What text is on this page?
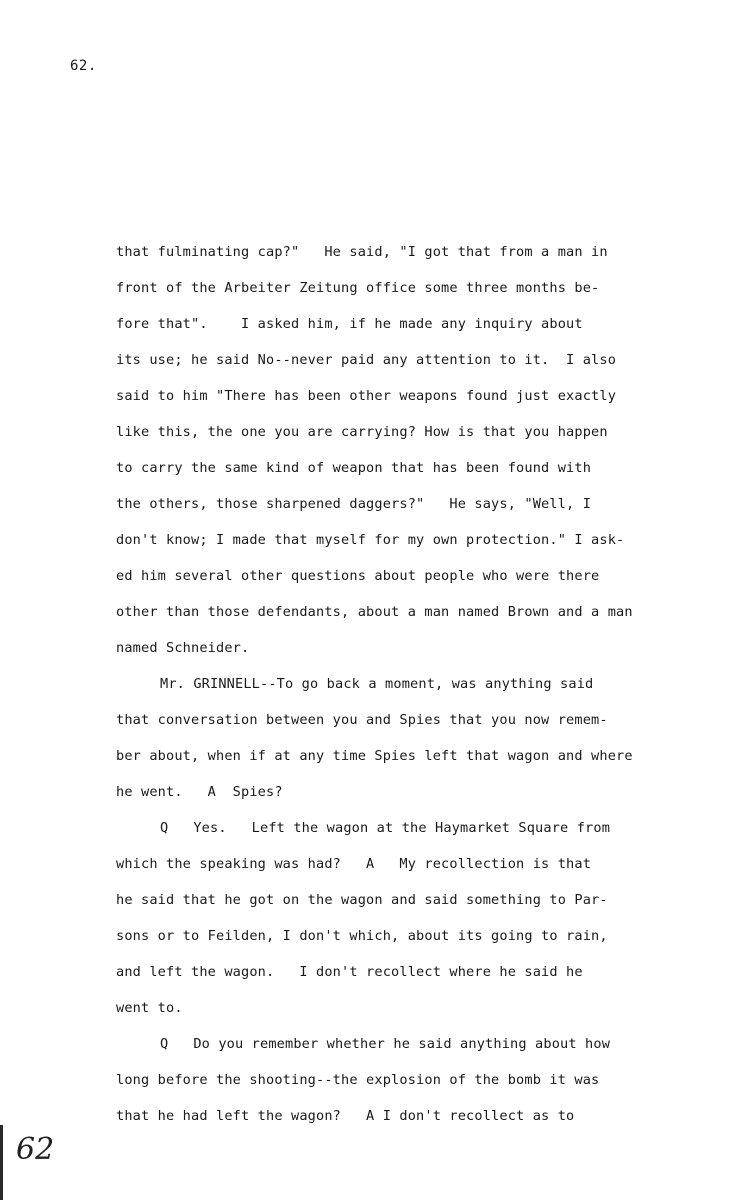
62.
that fulminating cap?"   He said, "I got that from a man in
front of the Arbeiter Zeitung office some three months be-
fore that".    I asked him, if he made any inquiry about
its use; he said No--never paid any attention to it.  I also
said to him "There has been other weapons found just exactly
like this, the one you are carrying? How is that you happen
to carry the same kind of weapon that has been found with
the others, those sharpened daggers?"   He says, "Well, I
don't know; I made that myself for my own protection." I ask-
ed him several other questions about people who were there
other than those defendants, about a man named Brown and a man
named Schneider.
Mr. GRINNELL--To go back a moment, was anything said
that conversation between you and Spies that you now remem-
ber about, when if at any time Spies left that wagon and where
he went.   A  Spies?
Q   Yes.   Left the wagon at the Haymarket Square from
which the speaking was had?   A   My recollection is that
he said that he got on the wagon and said something to Par-
sons or to Feilden, I don't which, about its going to rain,
and left the wagon.   I don't recollect where he said he
went to.
Q   Do you remember whether he said anything about how
long before the shooting--the explosion of the bomb it was
that he had left the wagon?   A I don't recollect as to
62
